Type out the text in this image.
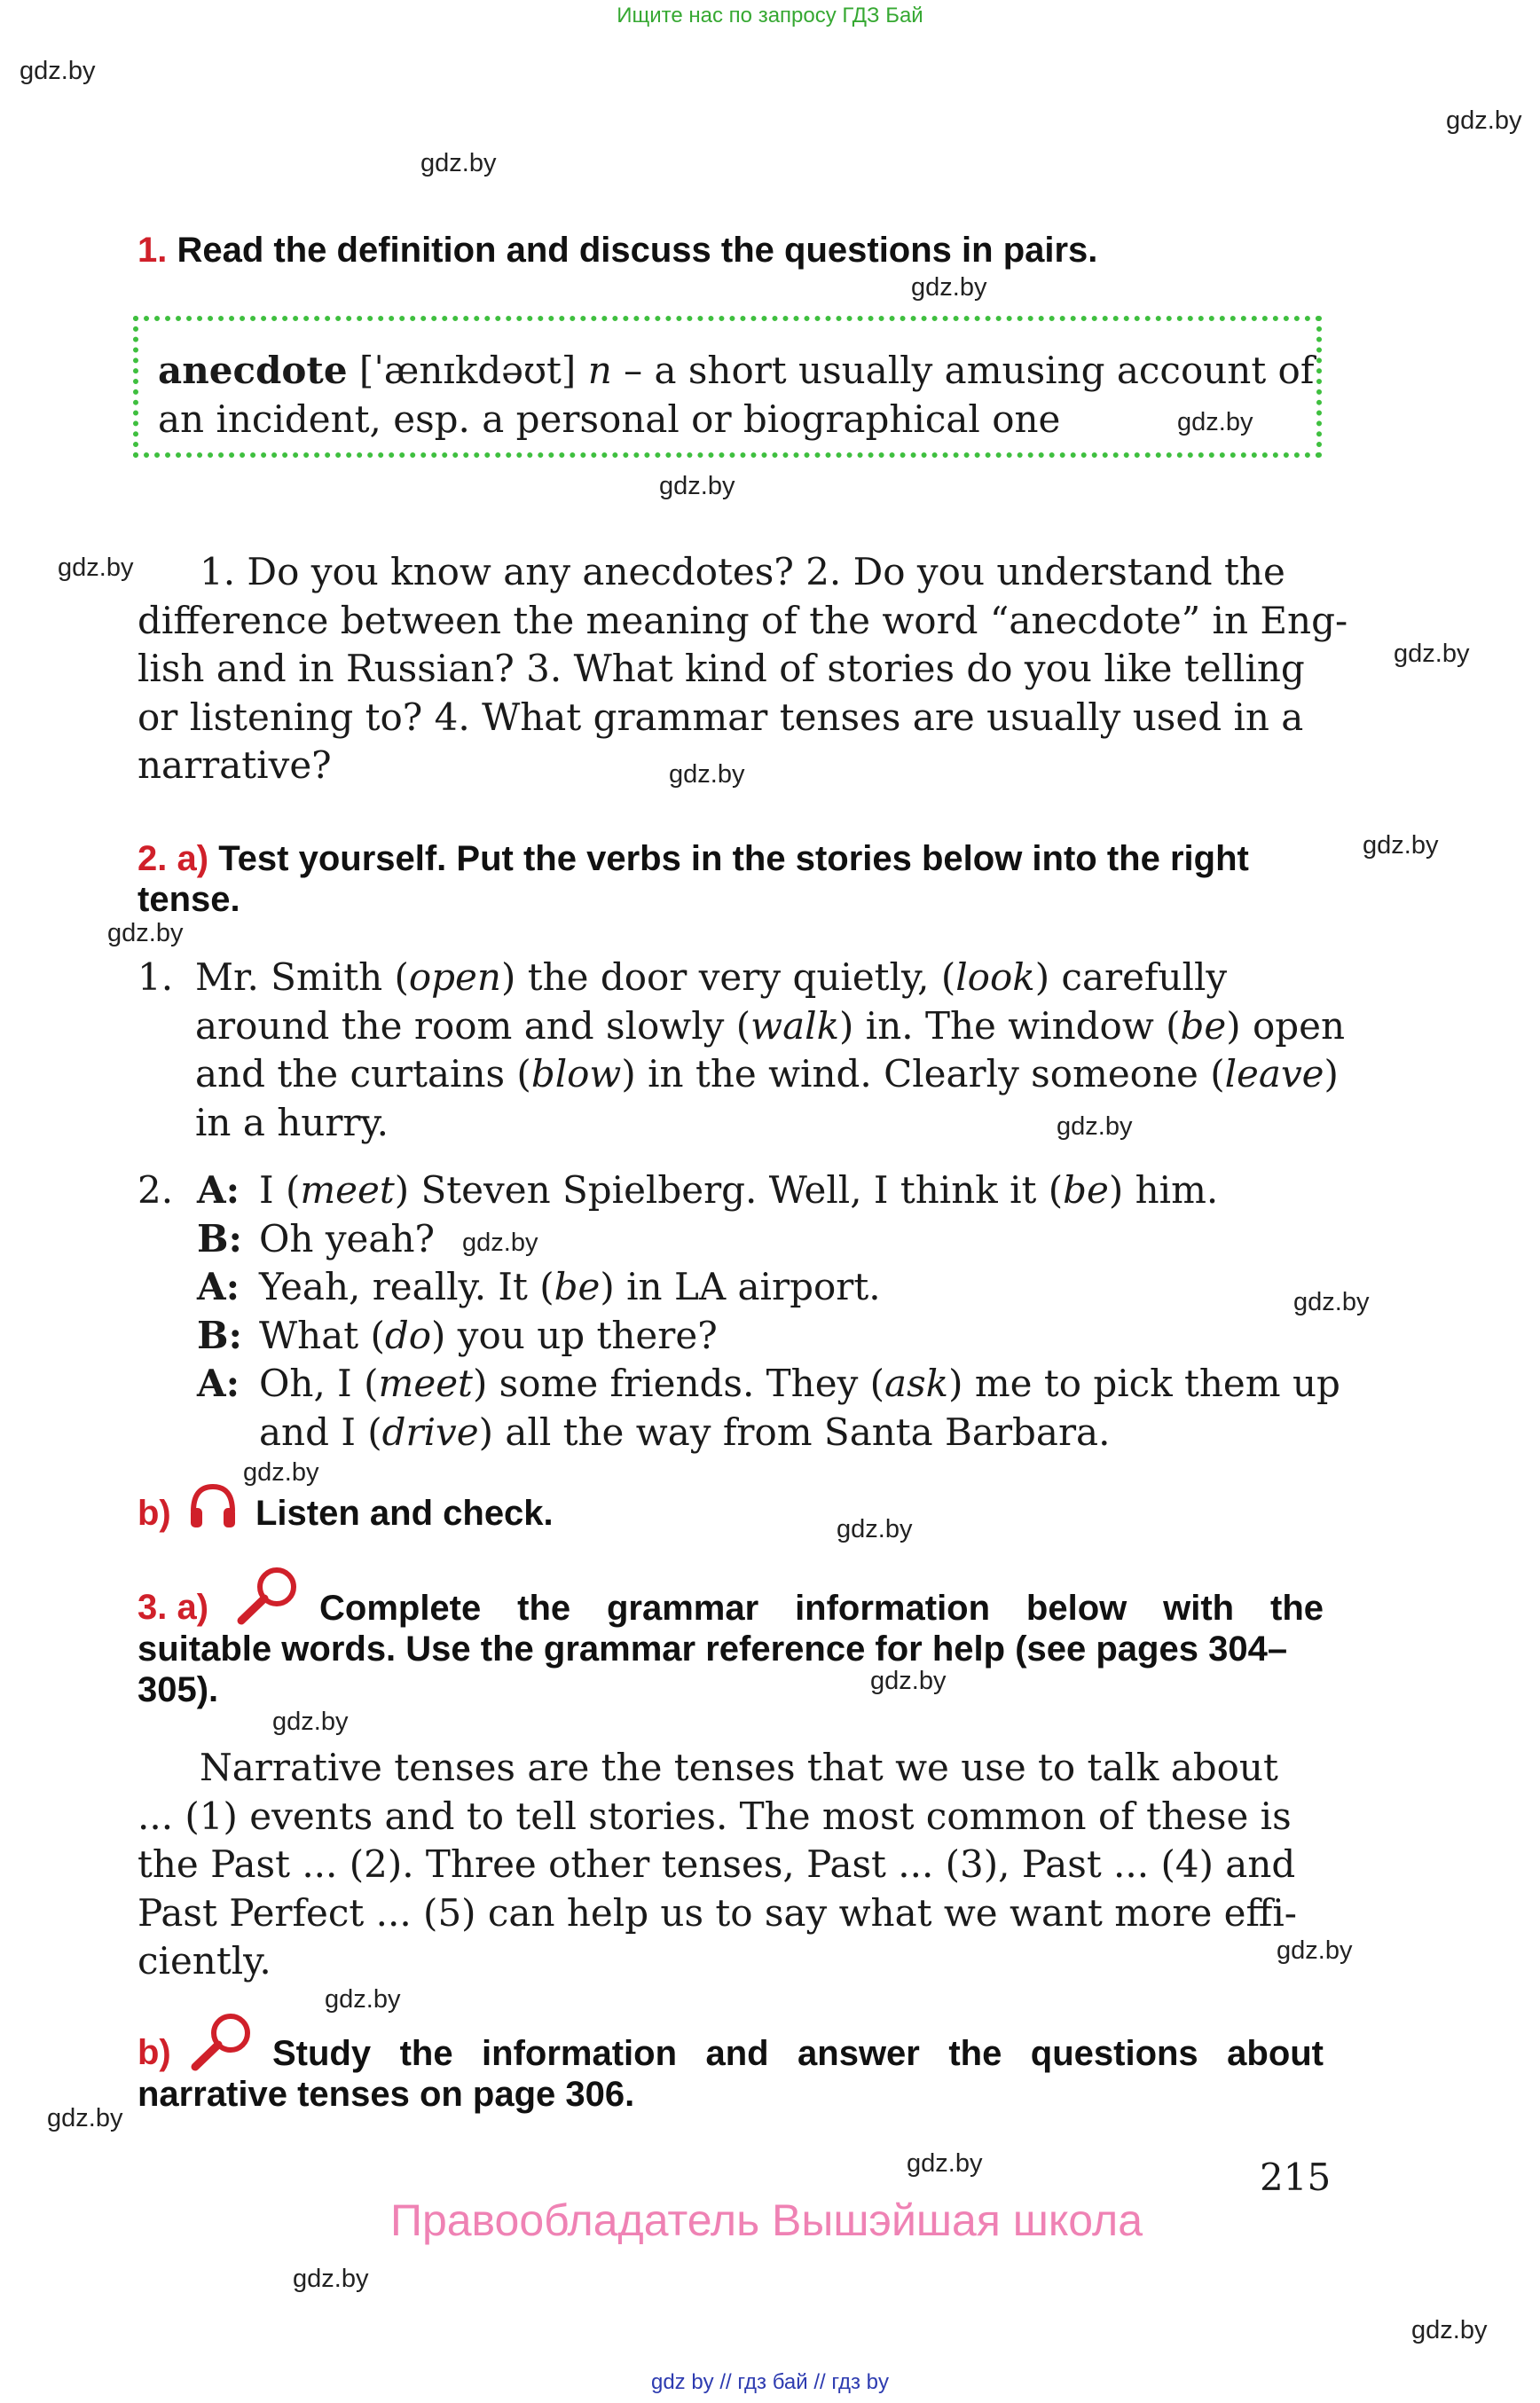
Ищите нас по запросу ГДЗ Бай
gdz.by
gdz.by
gdz.by
gdz.by
gdz.by
gdz.by
gdz.by
gdz.by
gdz.by
gdz.by
gdz.by
gdz.by
gdz.by
gdz.by
gdz.by
gdz.by
gdz.by
gdz.by
gdz.by
gdz.by
gdz.by
gdz.by
gdz.by
gdz.by
1. Read the definition and discuss the questions in pairs.
anecdote [ˈænɪkdəʊt] n – a short usually amusing account of
an incident, esp. a personal or biographical one
1. Do you know any anecdotes? 2. Do you understand the
difference between the meaning of the word “anecdote” in Eng-
lish and in Russian? 3. What kind of stories do you like telling
or listening to? 4. What grammar tenses are usually used in a
narrative?
2. a) Test yourself. Put the verbs in the stories below into the right
tense.
1. Mr. Smith (open) the door very quietly, (look) carefully
around the room and slowly (walk) in. The window (be) open
and the curtains (blow) in the wind. Clearly someone (leave)
in a hurry.
2. A: I (meet) Steven Spielberg. Well, I think it (be) him.
B: Oh yeah?
A: Yeah, really. It (be) in LA airport.
B: What (do) you up there?
A: Oh, I (meet) some friends. They (ask) me to pick them up
and I (drive) all the way from Santa Barbara.
b) Listen and check.
3. a)	Complete the grammar information below with the
suitable words. Use the grammar reference for help (see pages 304–
305).
Narrative tenses are the tenses that we use to talk about
... (1) events and to tell stories. The most common of these is
the Past ... (2). Three other tenses, Past ... (3), Past ... (4) and
Past Perfect ... (5) can help us to say what we want more effi-
ciently.
b)	Study the information and answer the questions about
narrative tenses on page 306.
215
Правообладатель Вышэйшая школа
gdz by // гдз бай // гдз by
